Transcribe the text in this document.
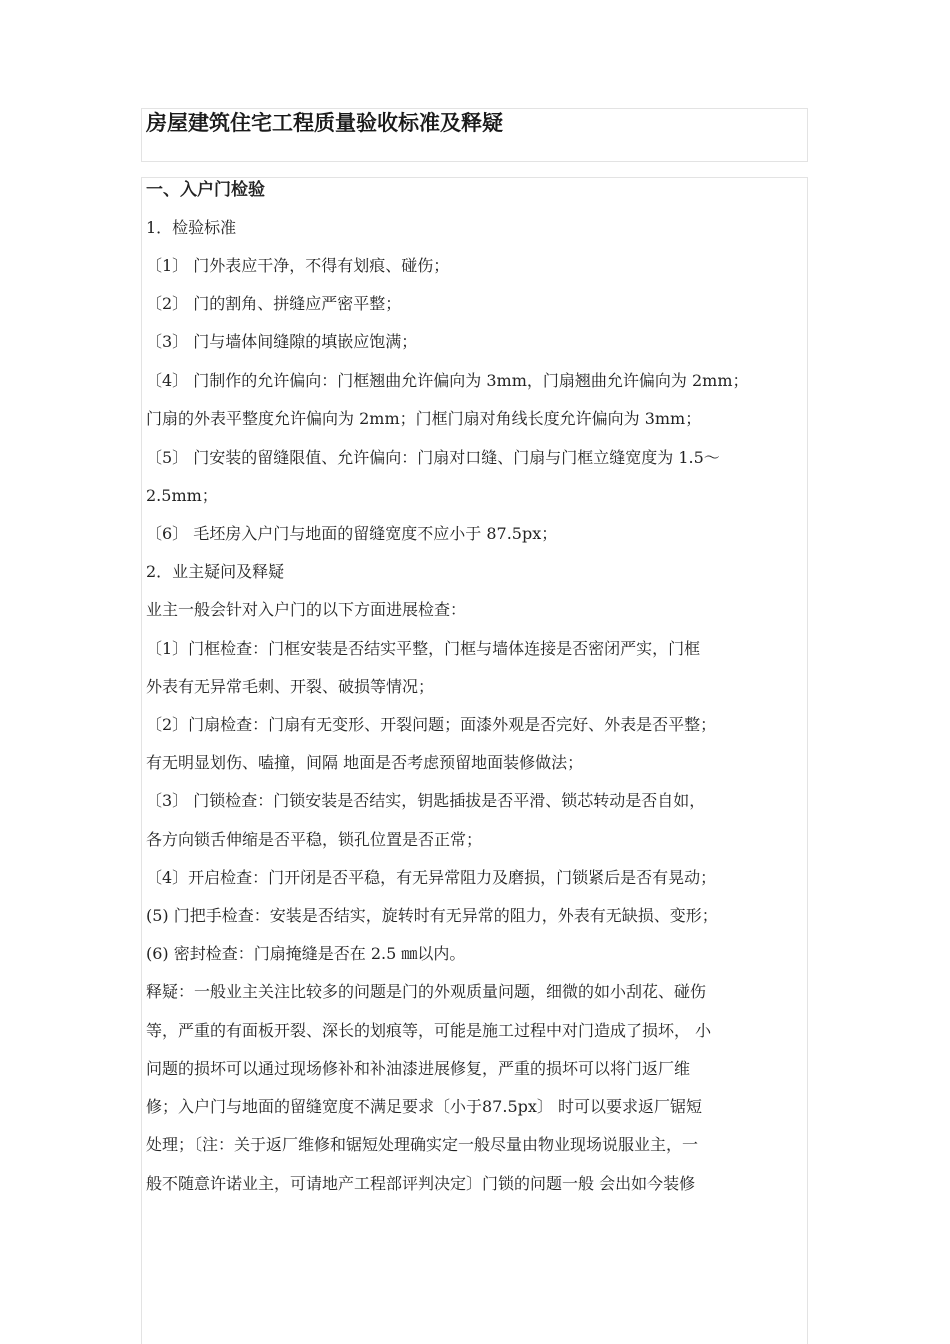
房屋建筑住宅工程质量验收标准及释疑
一、入户门检验
1．检验标准
〔1〕 门外表应干净，不得有划痕、碰伤；
〔2〕 门的割角、拼缝应严密平整；
〔3〕 门与墙体间缝隙的填嵌应饱满；
〔4〕 门制作的允许偏向：门框翘曲允许偏向为 3mm，门扇翘曲允许偏向为 2mm；
门扇的外表平整度允许偏向为 2mm；门框门扇对角线长度允许偏向为 3mm；
〔5〕 门安装的留缝限值、允许偏向：门扇对口缝、门扇与门框立缝宽度为 1.5～
2.5mm；
〔6〕 毛坯房入户门与地面的留缝宽度不应小于 87.5px；
2．业主疑问及释疑
业主一般会针对入户门的以下方面进展检查：
〔1〕门框检查：门框安装是否结实平整，门框与墙体连接是否密闭严实，门框
外表有无异常毛刺、开裂、破损等情况；
〔2〕门扇检查：门扇有无变形、开裂问题；面漆外观是否完好、外表是否平整；
有无明显划伤、嗑撞，间隔 地面是否考虑预留地面装修做法；
〔3〕 门锁检查：门锁安装是否结实，钥匙插拔是否平滑、锁芯转动是否自如，
各方向锁舌伸缩是否平稳，锁孔位置是否正常；
〔4〕开启检查：门开闭是否平稳，有无异常阻力及磨损，门锁紧后是否有晃动；
(5) 门把手检查：安装是否结实，旋转时有无异常的阻力，外表有无缺损、变形；
(6) 密封检查：门扇掩缝是否在 2.5 ㎜以内。
释疑：一般业主关注比较多的问题是门的外观质量问题，细微的如小刮花、碰伤
等，严重的有面板开裂、深长的划痕等，可能是施工过程中对门造成了损坏， 小
问题的损坏可以通过现场修补和补油漆进展修复，严重的损坏可以将门返厂维
修；入户门与地面的留缝宽度不满足要求〔小于87.5px〕 时可以要求返厂锯短
处理；〔注：关于返厂维修和锯短处理确实定一般尽量由物业现场说服业主，一
般不随意许诺业主，可请地产工程部评判决定〕门锁的问题一般 会出如今装修
